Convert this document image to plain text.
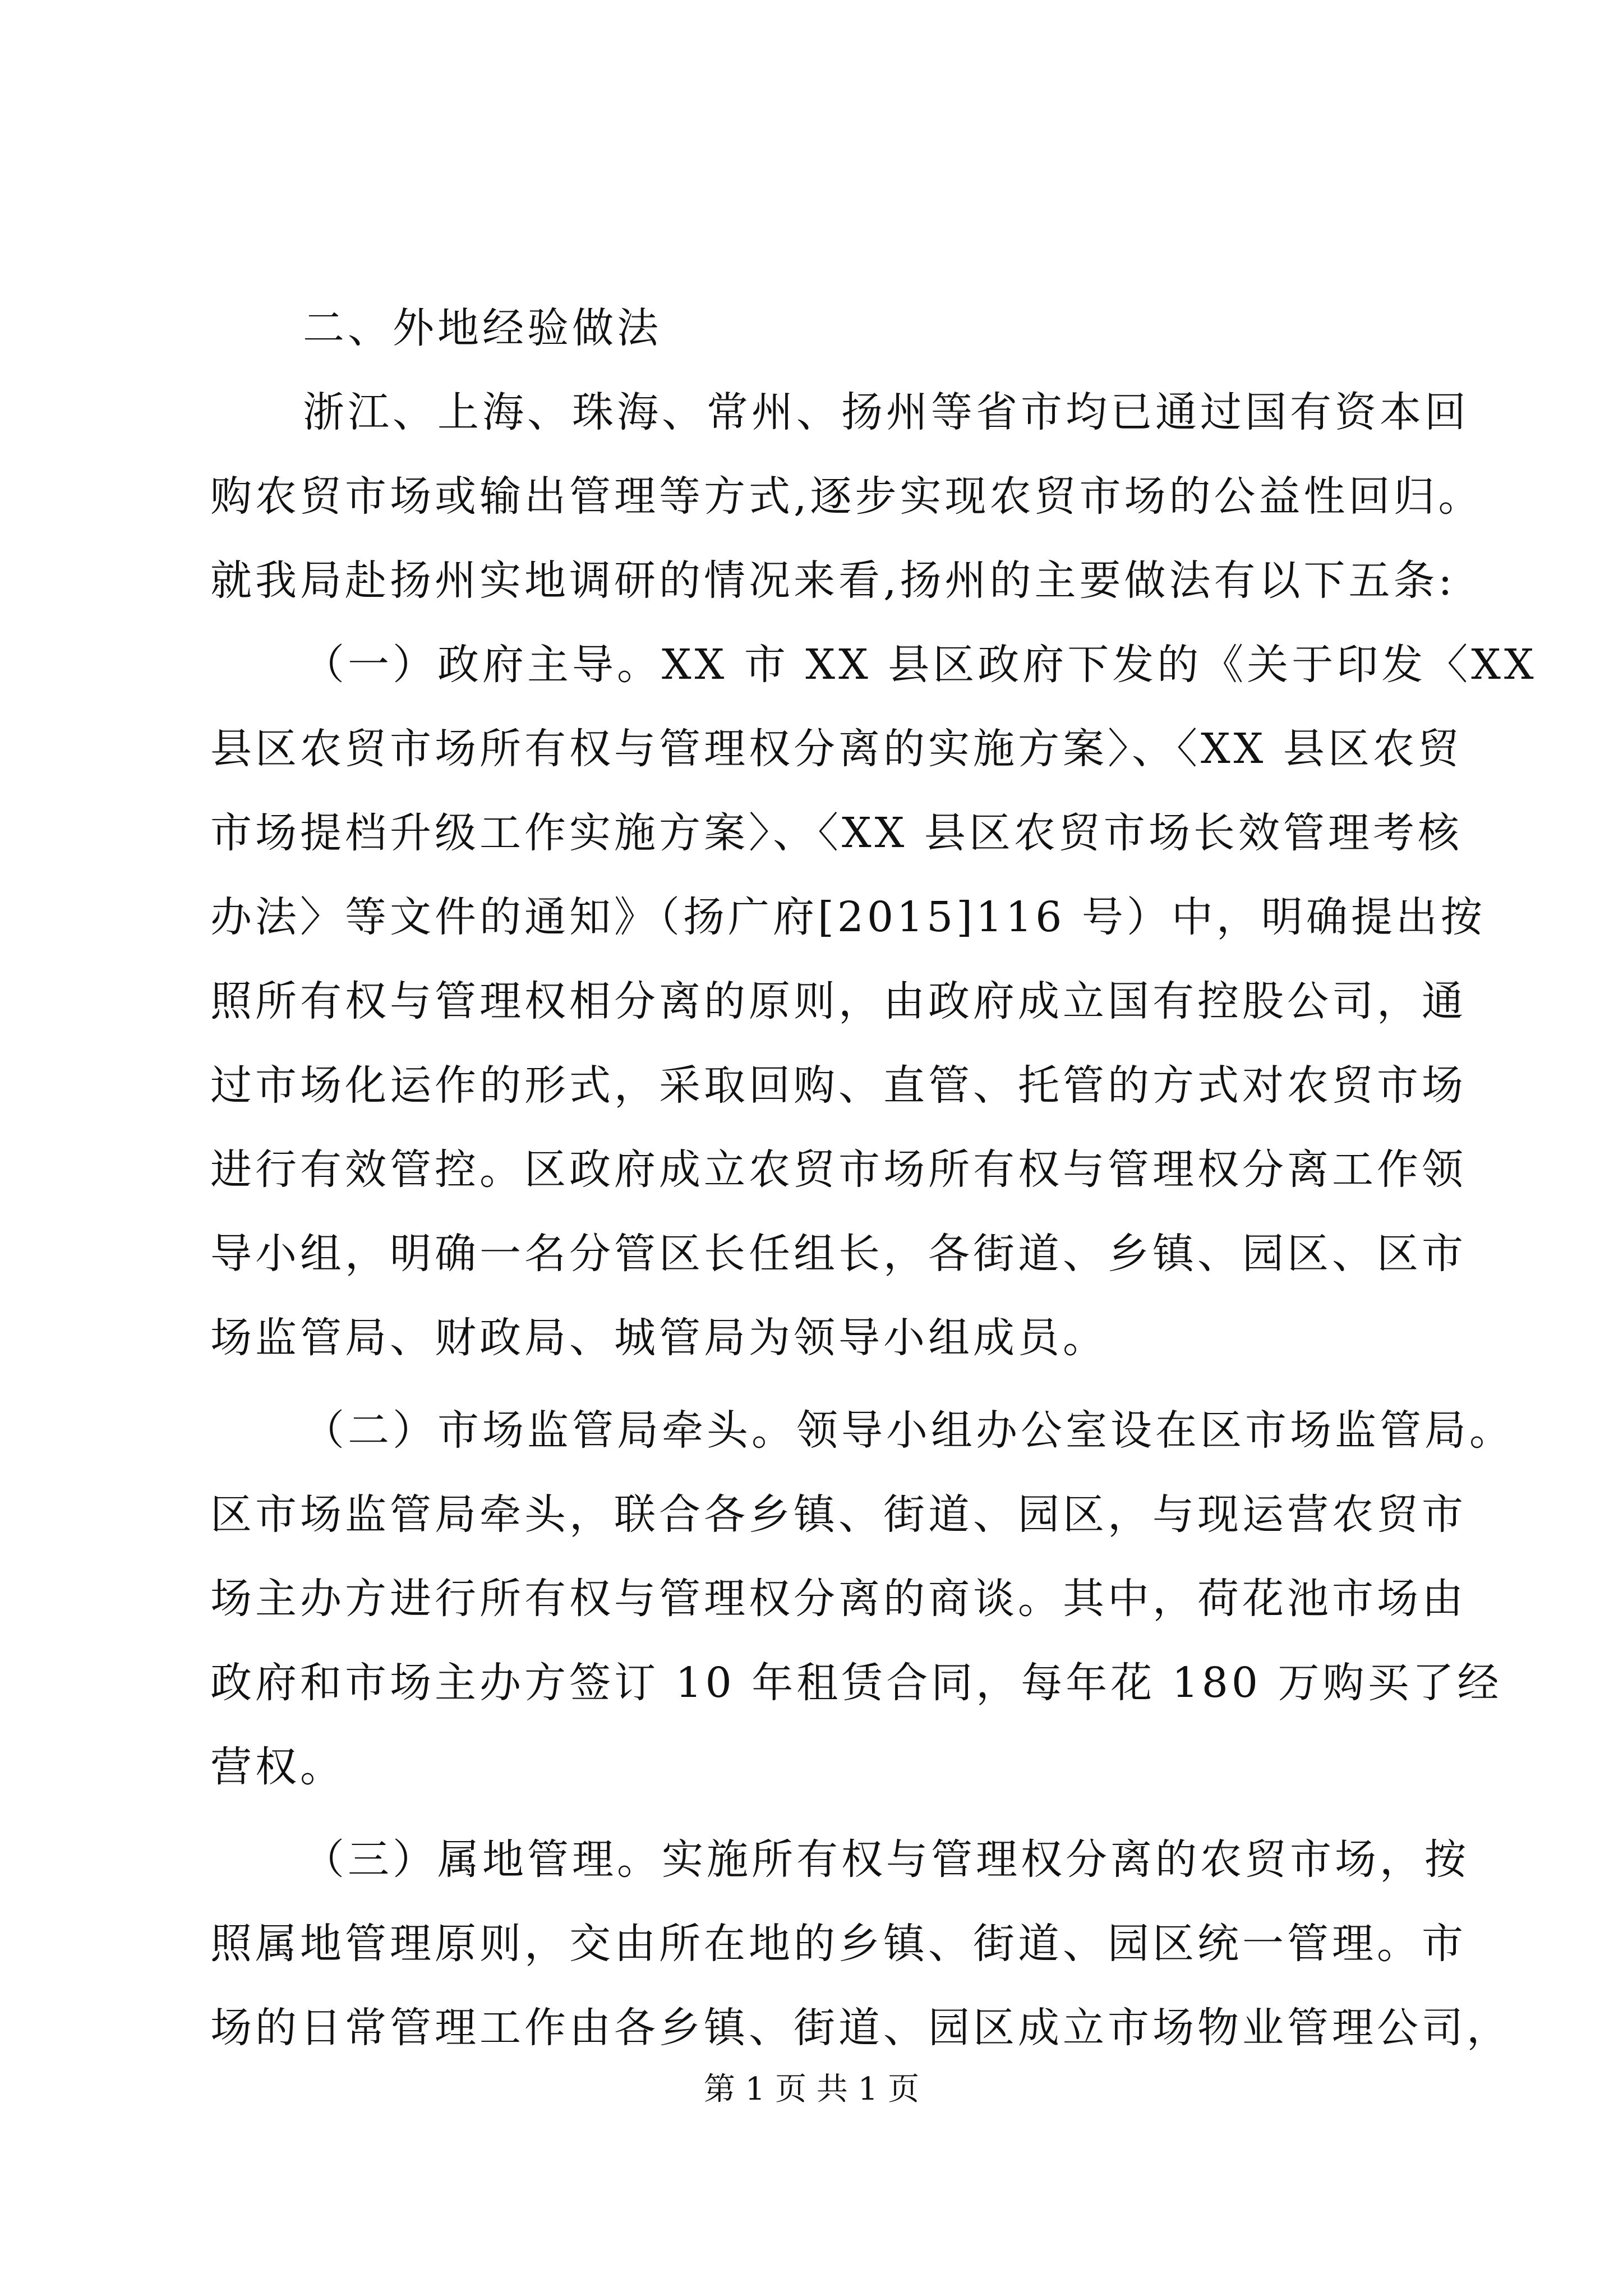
二、外地经验做法
浙江、上海、珠海、常州、扬州等省市均已通过国有资本回
购农贸市场或输出管理等方式,逐步实现农贸市场的公益性回归。
就我局赴扬州实地调研的情况来看,扬州的主要做法有以下五条:
（一）政府主导。XX 市 XX 县区政府下发的《关于印发〈XX
县区农贸市场所有权与管理权分离的实施方案〉、〈XX 县区农贸
市场提档升级工作实施方案〉、〈XX 县区农贸市场长效管理考核
办法〉等文件的通知》（扬广府[2015]116 号）中，明确提出按
照所有权与管理权相分离的原则，由政府成立国有控股公司，通
过市场化运作的形式，采取回购、直管、托管的方式对农贸市场
进行有效管控。区政府成立农贸市场所有权与管理权分离工作领
导小组，明确一名分管区长任组长，各街道、乡镇、园区、区市
场监管局、财政局、城管局为领导小组成员。
（二）市场监管局牵头。领导小组办公室设在区市场监管局。
区市场监管局牵头，联合各乡镇、街道、园区，与现运营农贸市
场主办方进行所有权与管理权分离的商谈。其中，荷花池市场由
政府和市场主办方签订 10 年租赁合同，每年花 180 万购买了经
营权。
（三）属地管理。实施所有权与管理权分离的农贸市场，按
照属地管理原则，交由所在地的乡镇、街道、园区统一管理。市
场的日常管理工作由各乡镇、街道、园区成立市场物业管理公司，
第 1 页 共 1 页
